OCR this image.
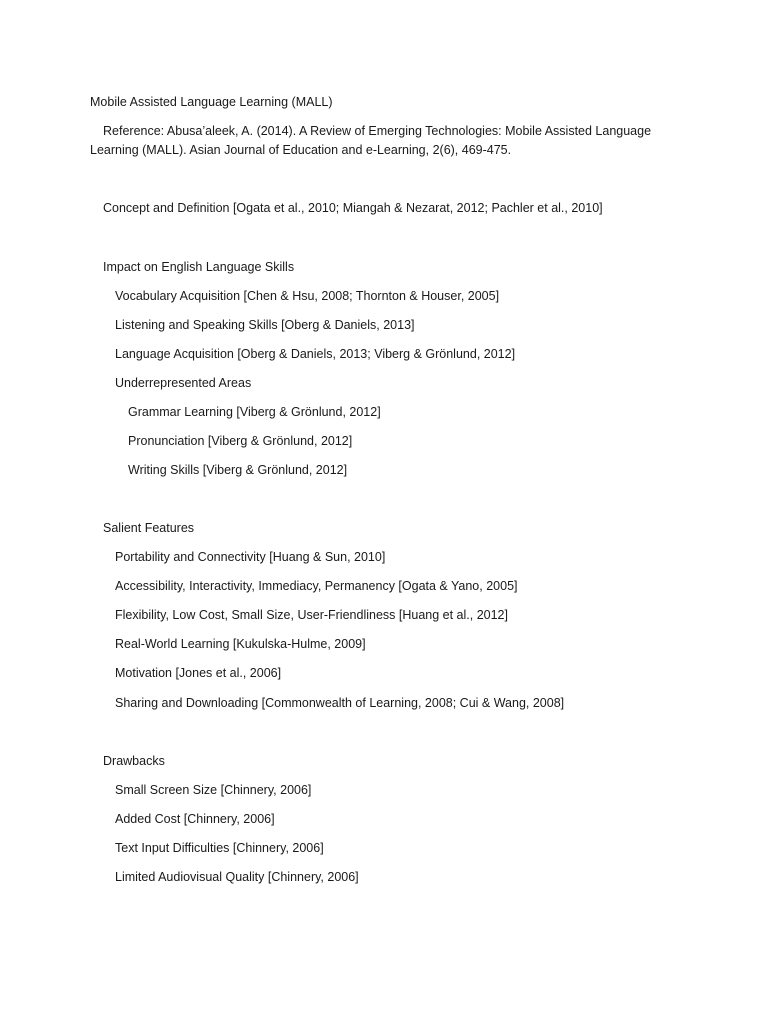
Mobile Assisted Language Learning (MALL)
Reference: Abusa’aleek, A. (2014). A Review of Emerging Technologies: Mobile Assisted Language Learning (MALL). Asian Journal of Education and e-Learning, 2(6), 469-475.
Concept and Definition [Ogata et al., 2010; Miangah & Nezarat, 2012; Pachler et al., 2010]
Impact on English Language Skills
Vocabulary Acquisition [Chen & Hsu, 2008; Thornton & Houser, 2005]
Listening and Speaking Skills [Oberg & Daniels, 2013]
Language Acquisition [Oberg & Daniels, 2013; Viberg & Grönlund, 2012]
Underrepresented Areas
Grammar Learning [Viberg & Grönlund, 2012]
Pronunciation [Viberg & Grönlund, 2012]
Writing Skills [Viberg & Grönlund, 2012]
Salient Features
Portability and Connectivity [Huang & Sun, 2010]
Accessibility, Interactivity, Immediacy, Permanency [Ogata & Yano, 2005]
Flexibility, Low Cost, Small Size, User-Friendliness [Huang et al., 2012]
Real-World Learning [Kukulska-Hulme, 2009]
Motivation [Jones et al., 2006]
Sharing and Downloading [Commonwealth of Learning, 2008; Cui & Wang, 2008]
Drawbacks
Small Screen Size [Chinnery, 2006]
Added Cost [Chinnery, 2006]
Text Input Difficulties [Chinnery, 2006]
Limited Audiovisual Quality [Chinnery, 2006]
